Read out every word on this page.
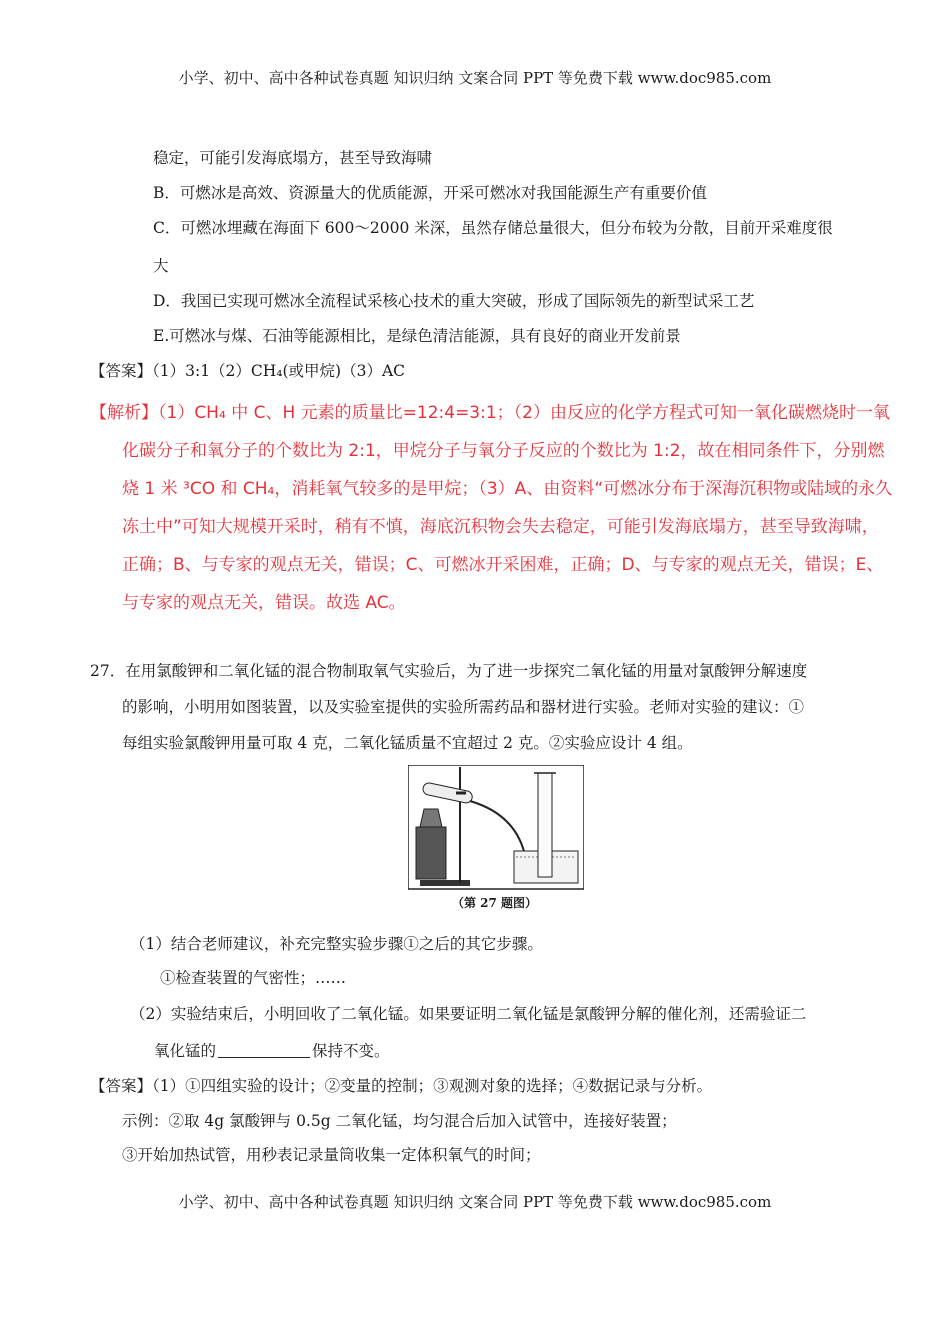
小学、初中、高中各种试卷真题 知识归纳 文案合同 PPT 等免费下载 www.doc985.com
稳定，可能引发海底塌方，甚至导致海啸
B．可燃冰是高效、资源量大的优质能源，开采可燃冰对我国能源生产有重要价值
C．可燃冰埋藏在海面下 600～2000 米深，虽然存储总量很大，但分布较为分散，目前开采难度很
大
D．我国已实现可燃冰全流程试采核心技术的重大突破，形成了国际领先的新型试采工艺
E.可燃冰与煤、石油等能源相比，是绿色清洁能源，具有良好的商业开发前景
【答案】（1）3:1（2）CH₄(或甲烷)（3）AC
【解析】（1）CH₄ 中 C、H 元素的质量比=12:4=3:1；（2）由反应的化学方程式可知一氧化碳燃烧时一氧
化碳分子和氧分子的个数比为 2:1，甲烷分子与氧分子反应的个数比为 1:2，故在相同条件下，分别燃
烧 1 米 ³CO 和 CH₄，消耗氧气较多的是甲烷；（3）A、由资料“可燃冰分布于深海沉积物或陆域的永久
冻土中”可知大规模开采时，稍有不慎，海底沉积物会失去稳定，可能引发海底塌方，甚至导致海啸，
正确；B、与专家的观点无关，错误；C、可燃冰开采困难，正确；D、与专家的观点无关，错误；E、
与专家的观点无关，错误。故选 AC。
27．在用氯酸钾和二氧化锰的混合物制取氧气实验后，为了进一步探究二氧化锰的用量对氯酸钾分解速度
的影响，小明用如图装置，以及实验室提供的实验所需药品和器材进行实验。老师对实验的建议：①
每组实验氯酸钾用量可取 4 克，二氧化锰质量不宜超过 2 克。②实验应设计 4 组。
（第 27 题图）
（1）结合老师建议，补充完整实验步骤①之后的其它步骤。
①检查装置的气密性；……
（2）实验结束后，小明回收了二氧化锰。如果要证明二氧化锰是氯酸钾分解的催化剂，还需验证二
氧化锰的	保持不变。
【答案】（1）①四组实验的设计；②变量的控制；③观测对象的选择；④数据记录与分析。
示例：②取 4g 氯酸钾与 0.5g 二氧化锰，均匀混合后加入试管中，连接好装置；
③开始加热试管，用秒表记录量筒收集一定体积氧气的时间；
小学、初中、高中各种试卷真题 知识归纳 文案合同 PPT 等免费下载 www.doc985.com
